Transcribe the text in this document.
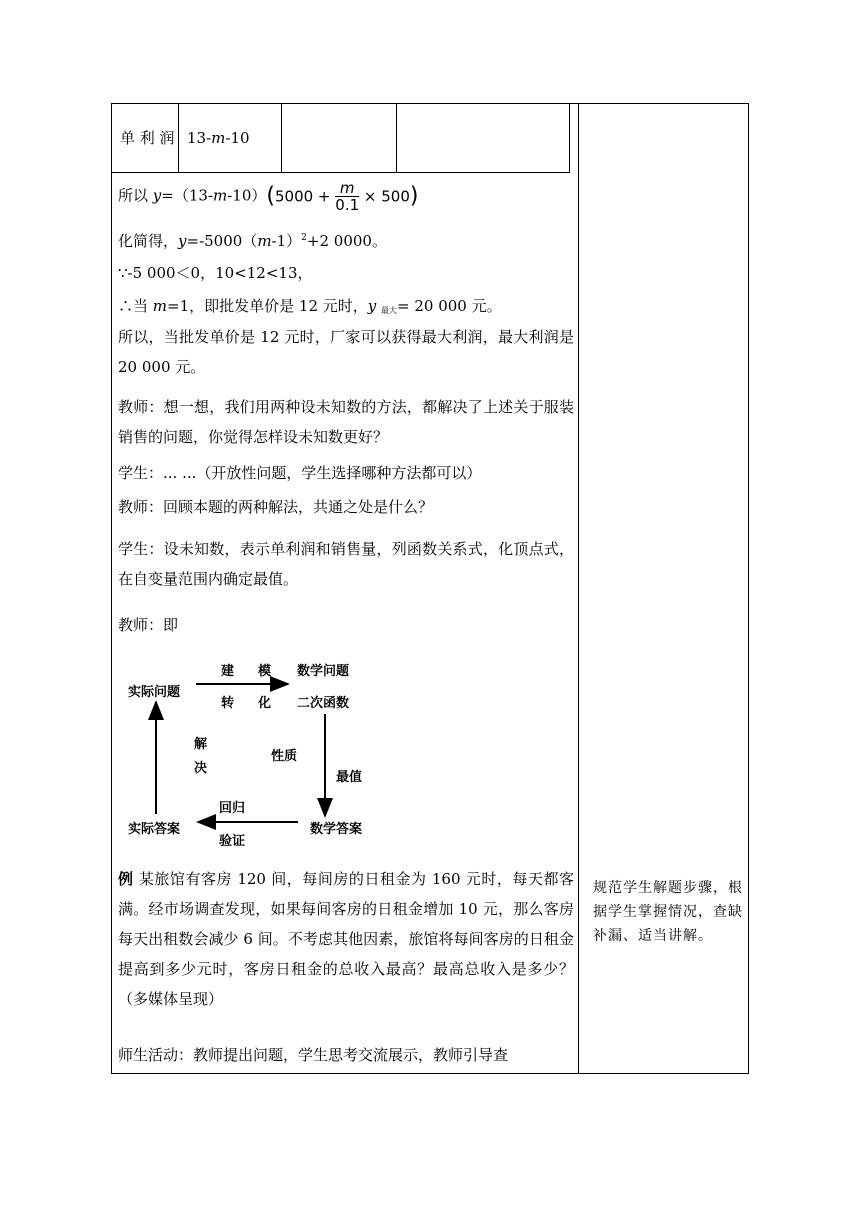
单 利 润	13-m-10		
所以 $y=(13-m-10)(5000 + \frac{m}{0.1} \times 500)$
化简得，$y=-5000(m-1)^2+2$ 0000。
∵-5 000＜0，10<12<13，
∴当 m=1，即批发单价是 12 元时，y $_{最大}$= 20 000 元。
所以，当批发单价是 12 元时，厂家可以获得最大利润，最大利润是 20 000 元。
教师：想一想，我们用两种设未知数的方法，都解决了上述关于服装销售的问题，你觉得怎样设未知数更好？
学生：... ...（开放性问题，学生选择哪种方法都可以）
教师：回顾本题的两种解法，共通之处是什么？
学生：设未知数，表示单利润和销售量，列函数关系式，化顶点式，在自变量范围内确定最值。
教师：即
实际问题
建 模 数学问题
转 化 二次函数
解
决
性质
最值
回归
验证
实际答案	数学答案
例 某旅馆有客房 120 间，每间房的日租金为 160 元时，每天都客满。经市场调查发现，如果每间客房的日租金增加 10 元，那么客房每天出租数会减少 6 间。不考虑其他因素，旅馆将每间客房的日租金提高到多少元时，客房日租金的总收入最高？最高总收入是多少？（多媒体呈现）
师生活动：教师提出问题，学生思考交流展示，教师引导查
规范学生解题步骤，根据学生掌握情况，查缺补漏、适当讲解。
